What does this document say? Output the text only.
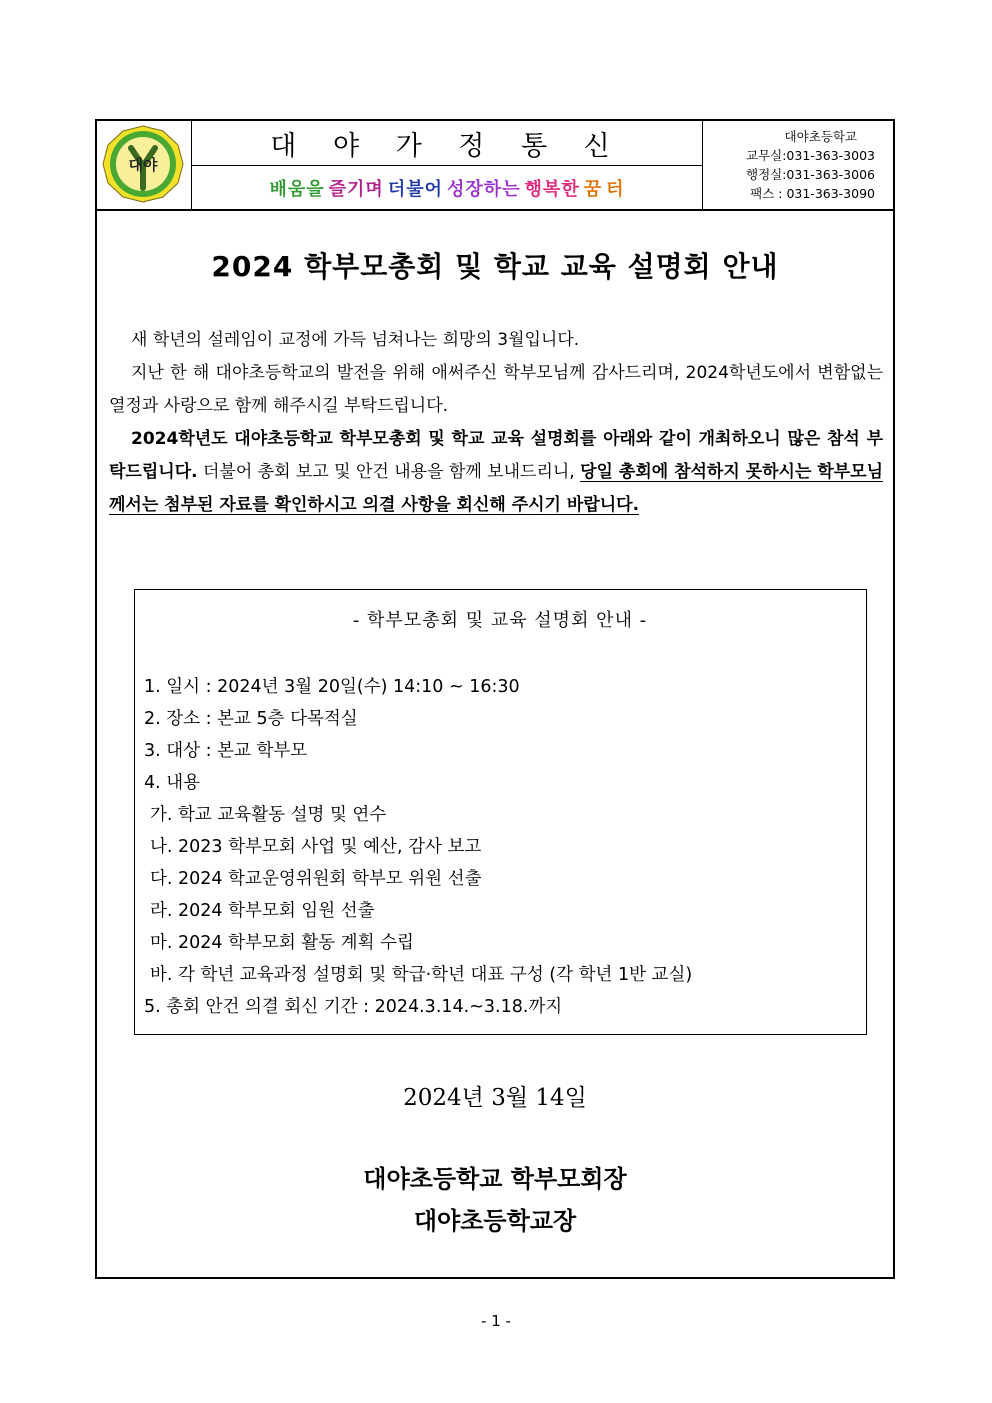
대야
대 야 가 정 통 신
배움을 즐기며 더불어 성장하는 행복한 꿈 터
대야초등학교
교무실:031-363-3003
행정실:031-363-3006
팩스 : 031-363-3090
2024 학부모총회 및 학교 교육 설명회 안내
새 학년의 설레임이 교정에 가득 넘쳐나는 희망의 3월입니다.
지난 한 해 대야초등학교의 발전을 위해 애써주신 학부모님께 감사드리며, 2024학년도에서 변함없는 열정과 사랑으로 함께 해주시길 부탁드립니다.
2024학년도 대야초등학교 학부모총회 및 학교 교육 설명회를 아래와 같이 개최하오니 많은 참석 부탁드립니다. 더불어 총회 보고 및 안건 내용을 함께 보내드리니, 당일 총회에 참석하지 못하시는 학부모님께서는 첨부된 자료를 확인하시고 의결 사항을 회신해 주시기 바랍니다.
- 학부모총회 및 교육 설명회 안내 -
1. 일시 : 2024년 3월 20일(수) 14:10 ~ 16:30
2. 장소 : 본교 5층 다목적실
3. 대상 : 본교 학부모
4. 내용
가. 학교 교육활동 설명 및 연수
나. 2023 학부모회 사업 및 예산, 감사 보고
다. 2024 학교운영위원회 학부모 위원 선출
라. 2024 학부모회 임원 선출
마. 2024 학부모회 활동 계획 수립
바. 각 학년 교육과정 설명회 및 학급·학년 대표 구성 (각 학년 1반 교실)
5. 총회 안건 의결 회신 기간 : 2024.3.14.~3.18.까지
2024년 3월 14일
대야초등학교 학부모회장
대야초등학교장
- 1 -
